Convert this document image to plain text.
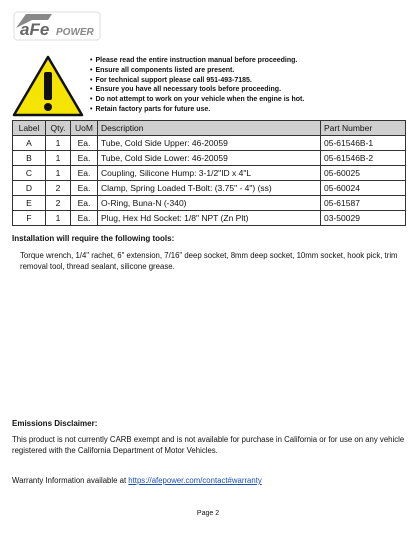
aFe POWER
• Please read the entire instruction manual before proceeding.
• Ensure all components listed are present.
• For technical support please call 951-493-7185.
• Ensure you have all necessary tools before proceeding.
• Do not attempt to work on your vehicle when the engine is hot.
• Retain factory parts for future use.
Label	Qty.	UoM	Description	Part Number
A	1	Ea.	Tube, Cold Side Upper: 46-20059	05-61546B-1
B	1	Ea.	Tube, Cold Side Lower: 46-20059	05-61546B-2
C	1	Ea.	Coupling, Silicone Hump: 3-1/2"ID x 4"L	05-60025
D	2	Ea.	Clamp, Spring Loaded T-Bolt: (3.75" - 4") (ss)	05-60024
E	2	Ea.	O-Ring, Buna-N (-340)	05-61587
F	1	Ea.	Plug, Hex Hd Socket: 1/8" NPT (Zn Plt)	03-50029
Installation will require the following tools:
Torque wrench, 1/4" rachet, 6" extension, 7/16" deep socket, 8mm deep socket, 10mm socket, hook pick, trim removal tool, thread sealant, silicone grease.
Emissions Disclaimer:
This product is not currently CARB exempt and is not available for purchase in California or for use on any vehicle registered with the California Department of Motor Vehicles.
Warranty Information available at https://afepower.com/contact#warranty
Page 2
